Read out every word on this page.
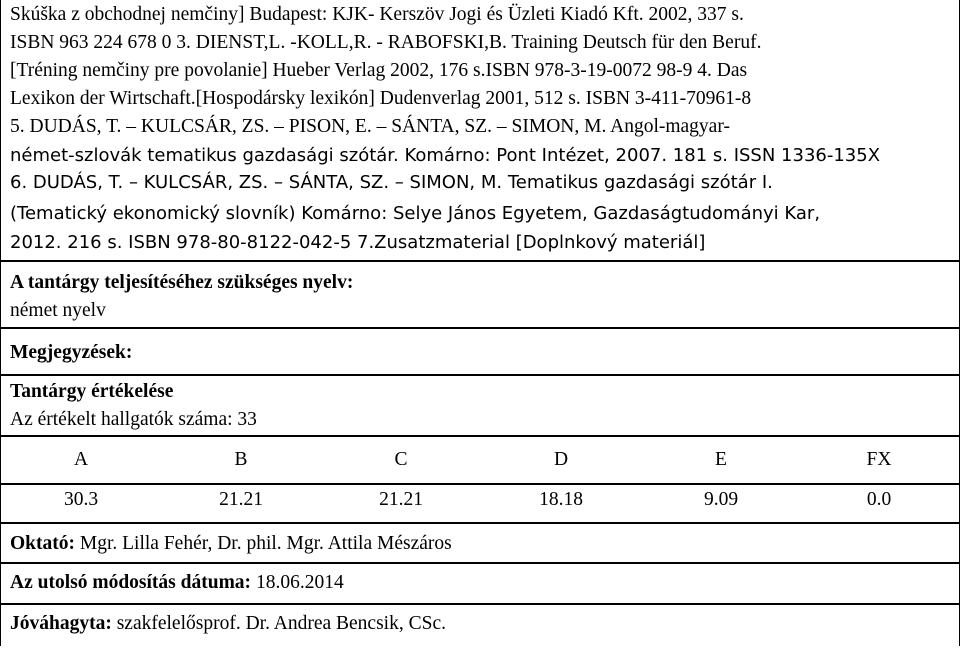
Skúška z obchodnej nemčiny] Budapest: KJK- Kerszöv Jogi és Üzleti Kiadó Kft. 2002, 337 s.
ISBN 963 224 678 0 3. DIENST,L. -KOLL,R. - RABOFSKI,B. Training Deutsch für den Beruf.
[Tréning nemčiny pre povolanie] Hueber Verlag 2002, 176 s.ISBN 978-3-19-0072 98-9 4. Das
Lexikon der Wirtschaft.[Hospodársky lexikón] Dudenverlag 2001, 512 s. ISBN 3-411-70961-8
5. DUDÁS, T. – KULCSÁR, ZS. – PISON, E. – SÁNTA, SZ. – SIMON, M. Angol-magyar-
német-szlovák tematikus gazdasági szótár. Komárno: Pont Intézet, 2007. 181 s. ISSN 1336-135X
6. DUDÁS, T. – KULCSÁR, ZS. – SÁNTA, SZ. – SIMON, M. Tematikus gazdasági szótár I.
(Tematický ekonomický slovník) Komárno: Selye János Egyetem, Gazdaságtudományi Kar,
2012. 216 s. ISBN 978-80-8122-042-5 7.Zusatzmaterial [Doplnkový materiál]
A tantárgy teljesítéséhez szükséges nyelv:
német nyelv
Megjegyzések:
Tantárgy értékelése
Az értékelt hallgatók száma: 33
A	B	C	D	E	FX
30.3	21.21	21.21	18.18	9.09	0.0
Oktató: Mgr. Lilla Fehér, Dr. phil. Mgr. Attila Mészáros
Az utolsó módosítás dátuma: 18.06.2014
Jóváhagyta: szakfelelősprof. Dr. Andrea Bencsik, CSc.
